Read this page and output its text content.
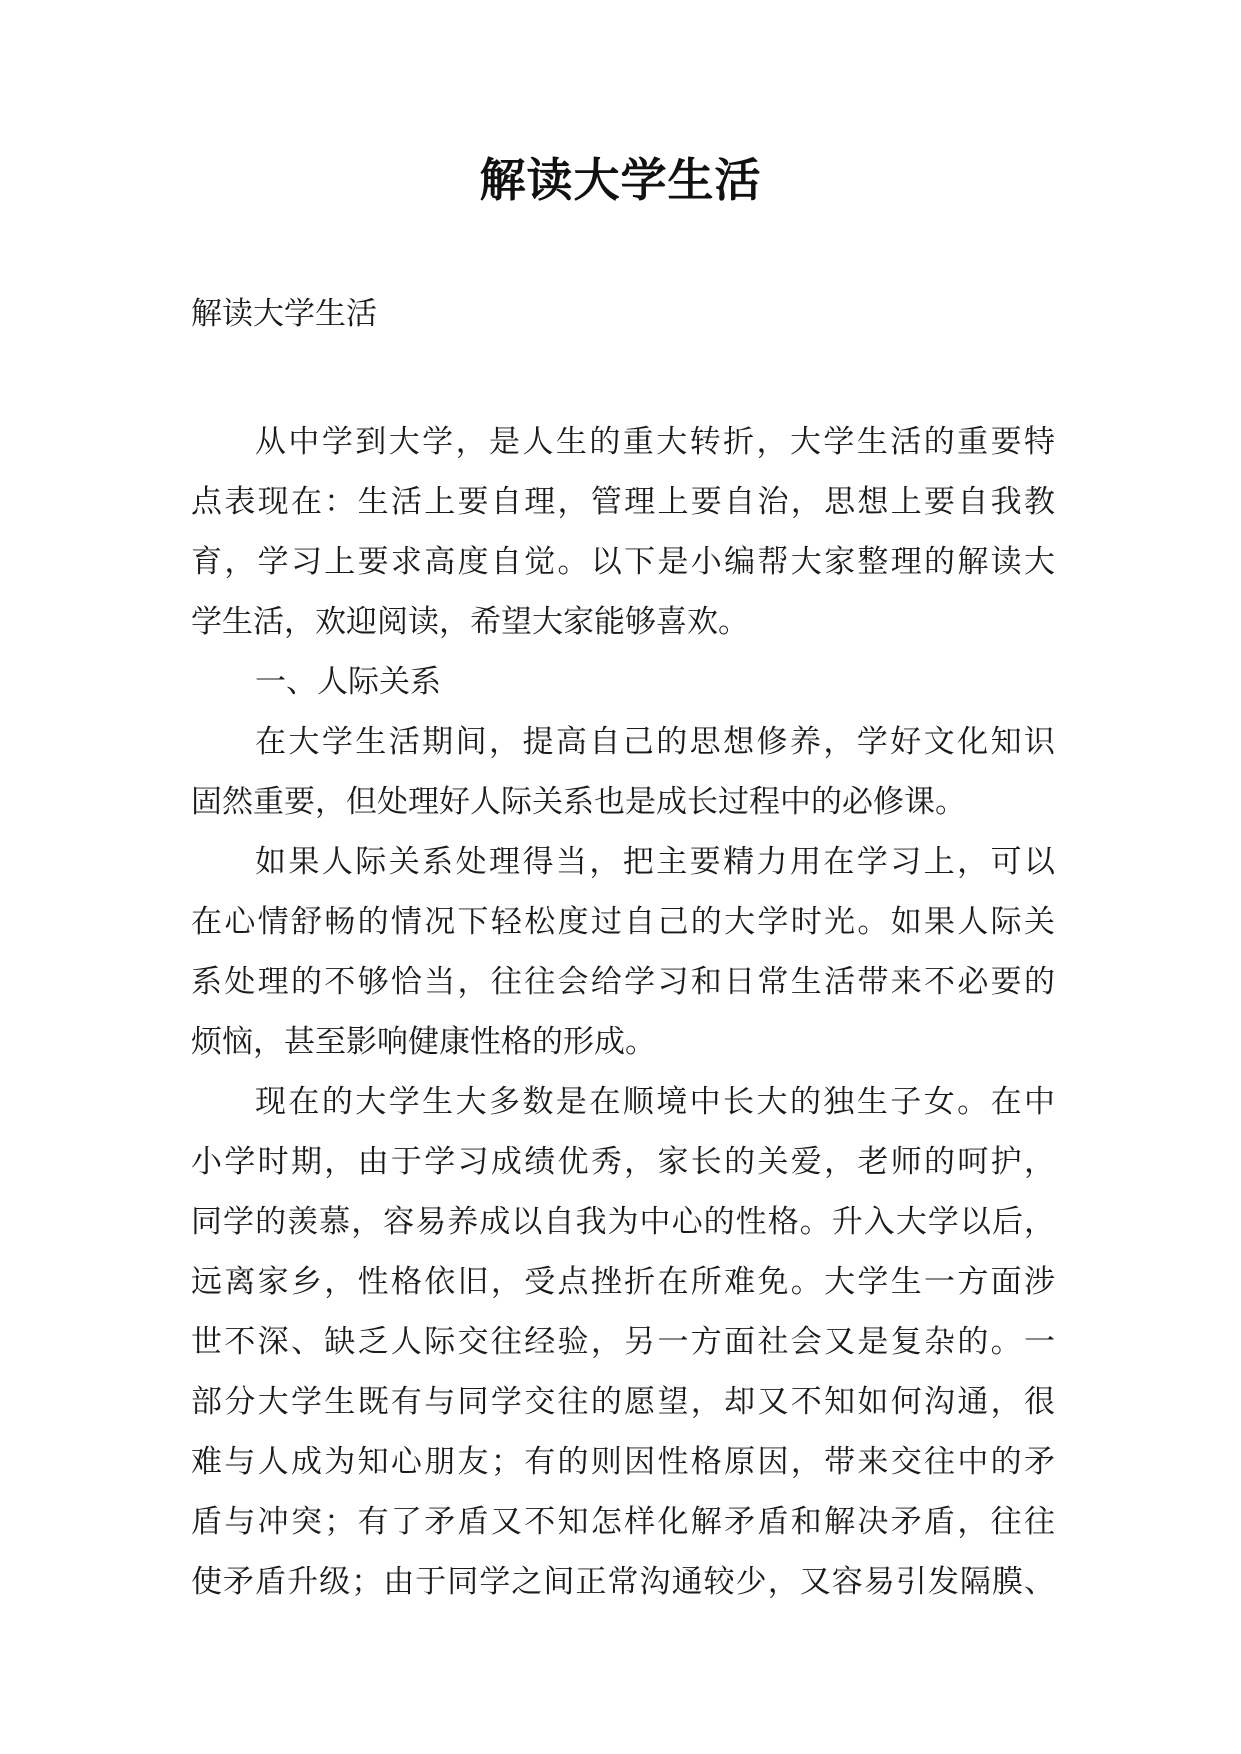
解读大学生活
解读大学生活
从中学到大学，是人生的重大转折，大学生活的重要特
点表现在：生活上要自理，管理上要自治，思想上要自我教
育，学习上要求高度自觉。以下是小编帮大家整理的解读大
学生活，欢迎阅读，希望大家能够喜欢。
一、人际关系
在大学生活期间，提高自己的思想修养，学好文化知识
固然重要，但处理好人际关系也是成长过程中的必修课。
如果人际关系处理得当，把主要精力用在学习上，可以
在心情舒畅的情况下轻松度过自己的大学时光。如果人际关
系处理的不够恰当，往往会给学习和日常生活带来不必要的
烦恼，甚至影响健康性格的形成。
现在的大学生大多数是在顺境中长大的独生子女。在中
小学时期，由于学习成绩优秀，家长的关爱，老师的呵护，
同学的羡慕，容易养成以自我为中心的性格。升入大学以后，
远离家乡，性格依旧，受点挫折在所难免。大学生一方面涉
世不深、缺乏人际交往经验，另一方面社会又是复杂的。一
部分大学生既有与同学交往的愿望，却又不知如何沟通，很
难与人成为知心朋友；有的则因性格原因，带来交往中的矛
盾与冲突；有了矛盾又不知怎样化解矛盾和解决矛盾，往往
使矛盾升级；由于同学之间正常沟通较少，又容易引发隔膜、
